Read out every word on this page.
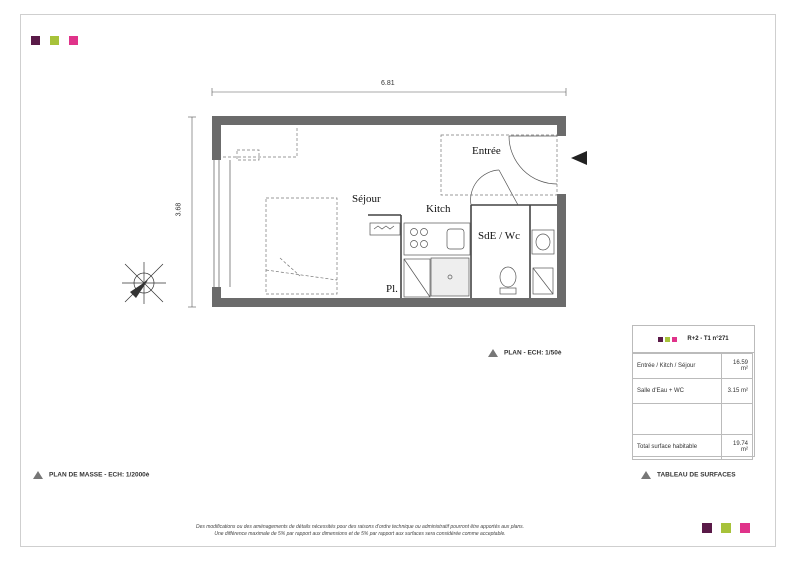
6.81
3.68
Entrée
Séjour
Kitch
SdE / Wc
Pl.
PLAN - ECH: 1/50è
PLAN DE MASSE - ECH: 1/2000è	TABLEAU DE SURFACES
R+2 - T1 n°271
Entrée / Kitch / Séjour	16.59 m²
Salle d'Eau + WC	3.15 m²

Total surface habitable	19.74 m²
Des modifications ou des aménagements de détails nécessités pour des raisons d'ordre technique ou administratif pourront être apportés aux plans.
Une différence maximale de 5% par rapport aux dimensions et de 5% par rapport aux surfaces sera considérée comme acceptable.
